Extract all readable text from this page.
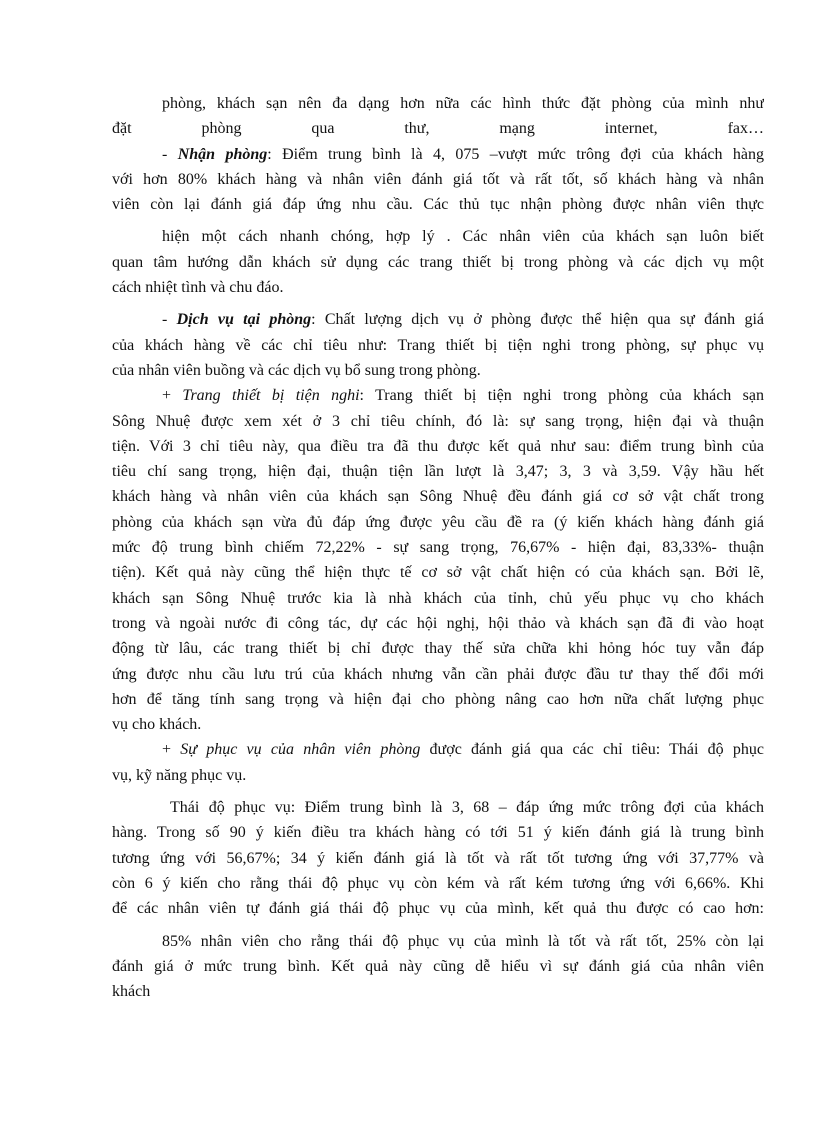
phòng, khách sạn nên đa dạng hơn nữa các hình thức đặt phòng của mình như
đặt phòng qua thư, mạng internet, fax…
- Nhận phòng: Điểm trung bình là 4, 075 –vượt mức trông đợi của khách hàng
với hơn 80% khách hàng và nhân viên đánh giá tốt và rất tốt, số khách hàng và nhân
viên còn lại đánh giá đáp ứng nhu cầu. Các thủ tục nhận phòng được nhân viên thực
hiện một cách nhanh chóng, hợp lý . Các nhân viên của khách sạn luôn biết
quan tâm hướng dẫn khách sử dụng các trang thiết bị trong phòng và các dịch vụ một
cách nhiệt tình và chu đáo.
- Dịch vụ tại phòng: Chất lượng dịch vụ ở phòng được thể hiện qua sự đánh giá
của khách hàng về các chỉ tiêu như: Trang thiết bị tiện nghi trong phòng, sự phục vụ
của nhân viên buồng và các dịch vụ bổ sung trong phòng.
+ Trang thiết bị tiện nghi: Trang thiết bị tiện nghi trong phòng của khách sạn
Sông Nhuệ được xem xét ở 3 chỉ tiêu chính, đó là: sự sang trọng, hiện đại và thuận
tiện. Với 3 chỉ tiêu này, qua điều tra đã thu được kết quả như sau: điểm trung bình của
tiêu chí sang trọng, hiện đại, thuận tiện lần lượt là 3,47; 3, 3 và 3,59. Vậy hầu hết
khách hàng và nhân viên của khách sạn Sông Nhuệ đều đánh giá cơ sở vật chất trong
phòng của khách sạn vừa đủ đáp ứng được yêu cầu đề ra (ý kiến khách hàng đánh giá
mức độ trung bình chiếm 72,22% - sự sang trọng, 76,67% - hiện đại, 83,33%- thuận
tiện). Kết quả này cũng thể hiện thực tế cơ sở vật chất hiện có của khách sạn. Bởi lẽ,
khách sạn Sông Nhuệ trước kia là nhà khách của tỉnh, chủ yếu phục vụ cho khách
trong và ngoài nước đi công tác, dự các hội nghị, hội thảo và khách sạn đã đi vào hoạt
động từ lâu, các trang thiết bị chỉ được thay thế sửa chữa khi hỏng hóc tuy vẫn đáp
ứng được nhu cầu lưu trú của khách nhưng vẫn cần phải được đầu tư thay thế đổi mới
hơn để tăng tính sang trọng và hiện đại cho phòng nâng cao hơn nữa chất lượng phục
vụ cho khách.
+ Sự phục vụ của nhân viên phòng được đánh giá qua các chỉ tiêu: Thái độ phục
vụ, kỹ năng phục vụ.
Thái độ phục vụ: Điểm trung bình là 3, 68 – đáp ứng mức trông đợi của khách
hàng. Trong số 90 ý kiến điều tra khách hàng có tới 51 ý kiến đánh giá là trung bình
tương ứng với 56,67%; 34 ý kiến đánh giá là tốt và rất tốt tương ứng với 37,77% và
còn 6 ý kiến cho rằng thái độ phục vụ còn kém và rất kém tương ứng với 6,66%. Khi
để các nhân viên tự đánh giá thái độ phục vụ của mình, kết quả thu được có cao hơn:
85% nhân viên cho rằng thái độ phục vụ của mình là tốt và rất tốt, 25% còn lại
đánh giá ở mức trung bình. Kết quả này cũng dễ hiểu vì sự đánh giá của nhân viên
khách
